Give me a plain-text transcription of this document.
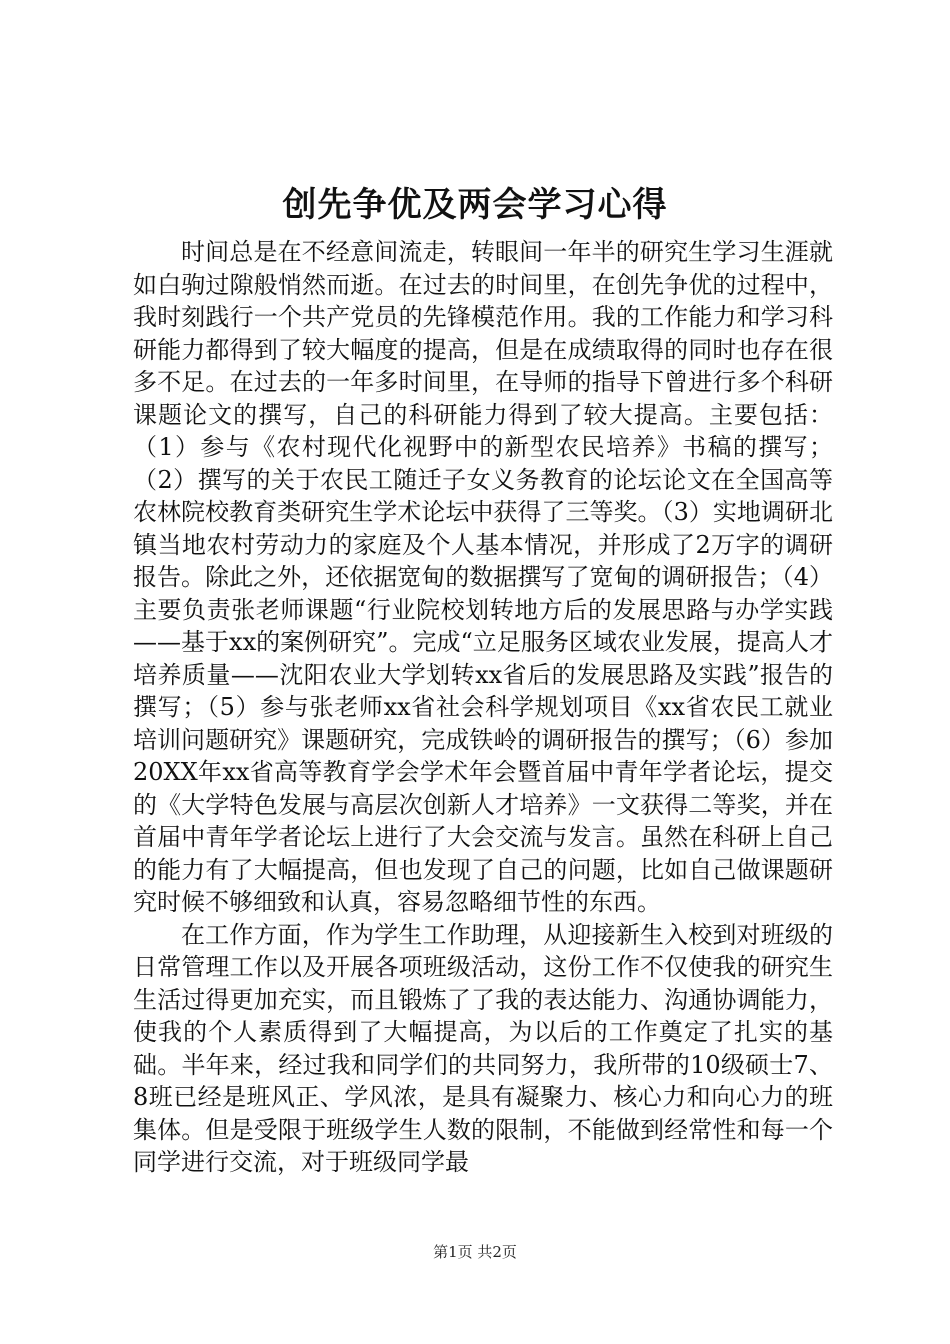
创先争优及两会学习心得

时间总是在不经意间流走，转眼间一年半的研究生学习生涯就如白驹过隙般悄然而逝。在过去的时间里，在创先争优的过程中，我时刻践行一个共产党员的先锋模范作用。我的工作能力和学习科研能力都得到了较大幅度的提高，但是在成绩取得的同时也存在很多不足。在过去的一年多时间里，在导师的指导下曾进行多个科研课题论文的撰写，自己的科研能力得到了较大提高。主要包括：（1）参与《农村现代化视野中的新型农民培养》书稿的撰写；（2）撰写的关于农民工随迁子女义务教育的论坛论文在全国高等农林院校教育类研究生学术论坛中获得了三等奖。（3）实地调研北镇当地农村劳动力的家庭及个人基本情况，并形成了2万字的调研报告。除此之外，还依据宽甸的数据撰写了宽甸的调研报告；（4）主要负责张老师课题“行业院校划转地方后的发展思路与办学实践——基于xx的案例研究”。完成“立足服务区域农业发展，提高人才培养质量——沈阳农业大学划转xx省后的发展思路及实践”报告的撰写；（5）参与张老师xx省社会科学规划项目《xx省农民工就业培训问题研究》课题研究，完成铁岭的调研报告的撰写；（6）参加20XX年xx省高等教育学会学术年会暨首届中青年学者论坛，提交的《大学特色发展与高层次创新人才培养》一文获得二等奖，并在首届中青年学者论坛上进行了大会交流与发言。虽然在科研上自己的能力有了大幅提高，但也发现了自己的问题，比如自己做课题研究时候不够细致和认真，容易忽略细节性的东西。

在工作方面，作为学生工作助理，从迎接新生入校到对班级的日常管理工作以及开展各项班级活动，这份工作不仅使我的研究生生活过得更加充实，而且锻炼了了我的表达能力、沟通协调能力，使我的个人素质得到了大幅提高，为以后的工作奠定了扎实的基础。半年来，经过我和同学们的共同努力，我所带的10级硕士7、8班已经是班风正、学风浓，是具有凝聚力、核心力和向心力的班集体。但是受限于班级学生人数的限制，不能做到经常性和每一个同学进行交流，对于班级同学最

第1页 共2页
